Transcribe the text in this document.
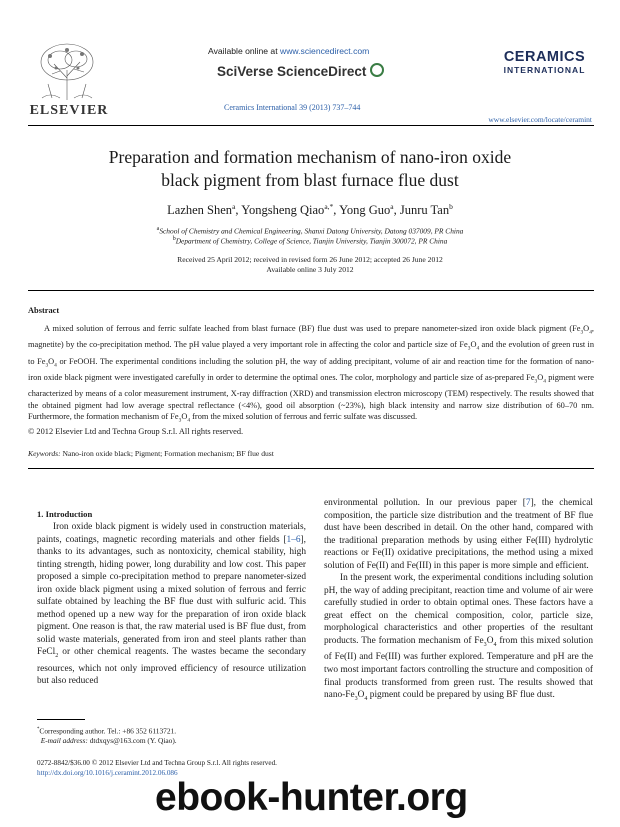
ELSEVIER
Available online at www.sciencedirect.com
SciVerse ScienceDirect
Ceramics International 39 (2013) 737–744
CERAMICS
INTERNATIONAL
www.elsevier.com/locate/ceramint
Preparation and formation mechanism of nano-iron oxide
black pigment from blast furnace flue dust
Lazhen Shen$^a$, Yongsheng Qiao$^{a,*}$, Yong Guo$^a$, Junru Tan$^b$
$^a$School of Chemistry and Chemical Engineering, Shanxi Datong University, Datong 037009, PR China
$^b$Department of Chemistry, College of Science, Tianjin University, Tianjin 300072, PR China
Received 25 April 2012; received in revised form 26 June 2012; accepted 26 June 2012
Available online 3 July 2012
Abstract
A mixed solution of ferrous and ferric sulfate leached from blast furnace (BF) flue dust was used to prepare nanometer-sized iron oxide black pigment ($Fe_3O_4$, magnetite) by the co-precipitation method. The pH value played a very important role in affecting the color and particle size of $Fe_3O_4$ and the evolution of green rust in to $Fe_3O_4$ or FeOOH. The experimental conditions including the solution pH, the way of adding precipitant, volume of air and reaction time for the formation of nano-iron oxide black pigment were investigated carefully in order to determine the optimal ones. The color, morphology and particle size of as-prepared $Fe_3O_4$ pigment were characterized by means of a color measurement instrument, X-ray diffraction (XRD) and transmission electron microscopy (TEM) respectively. The results showed that the obtained pigment had low average spectral reflectance (<4%), good oil absorption (~23%), high black intensity and narrow size distribution of 60–70 nm. Furthermore, the formation mechanism of $Fe_3O_4$ from the mixed solution of ferrous and ferric sulfate was discussed.
© 2012 Elsevier Ltd and Techna Group S.r.l. All rights reserved.
Keywords: Nano-iron oxide black; Pigment; Formation mechanism; BF flue dust
1. Introduction
Iron oxide black pigment is widely used in construction materials, paints, coatings, magnetic recording materials and other fields [1–6], thanks to its advantages, such as nontoxicity, chemical stability, high tinting strength, hiding power, long durability and low cost. This paper proposed a simple co-precipitation method to prepare nanometer-sized iron oxide black pigment using a mixed solution of ferrous and ferric sulfate obtained by leaching the BF flue dust with sulfuric acid. This method opened up a new way for the preparation of iron oxide black pigment. One reason is that, the raw material used is BF flue dust, from solid waste materials, generated from iron and steel plants rather than FeCl$_2$ or other chemical reagents. The wastes became the secondary resources, which not only improved efficiency of resource utilization but also reduced

environmental pollution. In our previous paper [7], the chemical composition, the particle size distribution and the treatment of BF flue dust have been described in detail. On the other hand, compared with the traditional preparation methods by using either Fe(III) hydrolytic reactions or Fe(II) oxidative precipitations, the method using a mixed solution of Fe(II) and Fe(III) in this paper is more simple and efficient.

In the present work, the experimental conditions including solution pH, the way of adding precipitant, reaction time and volume of air were carefully studied in order to obtain optimal ones. These factors have a great effect on the chemical composition, color, particle size, morphological characteristics and other properties of the resultant products. The formation mechanism of $Fe_3O_4$ from this mixed solution of Fe(II) and Fe(III) was further explored. Temperature and pH are the two most important factors controlling the structure and composition of final products transformed from green rust. The results showed that nano-$Fe_3O_4$ pigment could be prepared by using BF flue dust.

*Corresponding author. Tel.: +86 352 6113721.
E-mail address: dtdxqys@163.com (Y. Qiao).
0272-8842/$36.00 © 2012 Elsevier Ltd and Techna Group S.r.l. All rights reserved.
http://dx.doi.org/10.1016/j.ceramint.2012.06.086
ebook-hunter.org
